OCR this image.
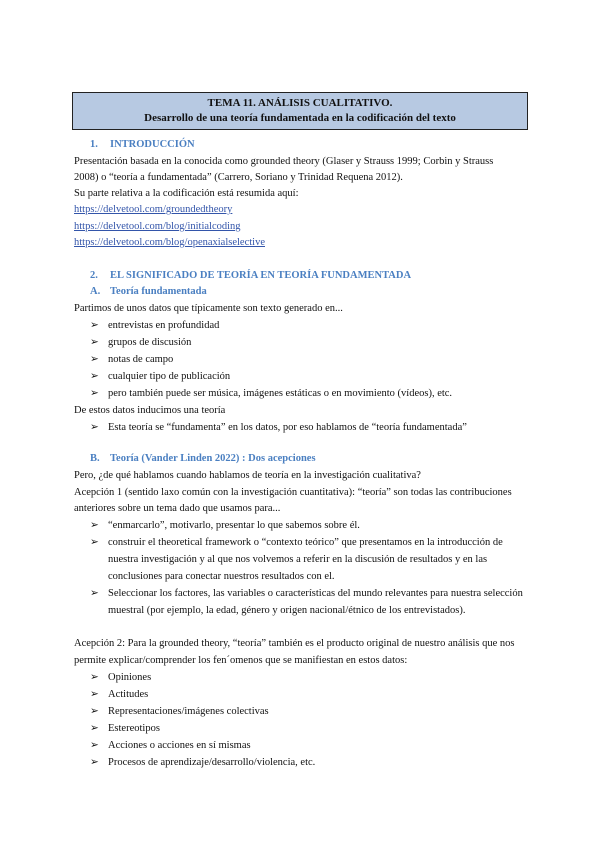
TEMA 11. ANÁLISIS CUALITATIVO.
Desarrollo de una teoría fundamentada en la codificación del texto
1. INTRODUCCIÓN
Presentación basada en la conocida como grounded theory (Glaser y Strauss 1999; Corbin y Strauss
2008) o “teoría a fundamentada” (Carrero, Soriano y Trinidad Requena 2012).
Su parte relativa a la codificación está resumida aquí:
https://delvetool.com/groundedtheory
https://delvetool.com/blog/initialcoding
https://delvetool.com/blog/openaxialselective
2. EL SIGNIFICADO DE TEORÍA EN TEORÍA FUNDAMENTADA
A. Teoría fundamentada
Partimos de unos datos que típicamente son texto generado en...
➢ entrevistas en profundidad
➢ grupos de discusión
➢ notas de campo
➢ cualquier tipo de publicación
➢ pero también puede ser música, imágenes estáticas o en movimiento (vídeos), etc.
De estos datos inducimos una teoría
➢ Esta teoría se “fundamenta” en los datos, por eso hablamos de “teoría fundamentada”
B. Teoría (Vander Linden 2022) : Dos acepciones
Pero, ¿de qué hablamos cuando hablamos de teoría en la investigación cualitativa?
Acepción 1 (sentido laxo común con la investigación cuantitativa): “teoría” son todas las contribuciones
anteriores sobre un tema dado que usamos para...
➢ “enmarcarlo”, motivarlo, presentar lo que sabemos sobre él.
➢ construir el theoretical framework o “contexto teórico” que presentamos en la introducción de
nuestra investigación y al que nos volvemos a referir en la discusión de resultados y en las
conclusiones para conectar nuestros resultados con el.
➢ Seleccionar los factores, las variables o características del mundo relevantes para nuestra selección
muestral (por ejemplo, la edad, género y origen nacional/étnico de los entrevistados).
Acepción 2: Para la grounded theory, “teoría” también es el producto original de nuestro análisis que nos
permite explicar/comprender los fen´omenos que se manifiestan en estos datos:
➢ Opiniones
➢ Actitudes
➢ Representaciones/imágenes colectivas
➢ Estereotipos
➢ Acciones o acciones en sí mismas
➢ Procesos de aprendizaje/desarrollo/violencia, etc.
